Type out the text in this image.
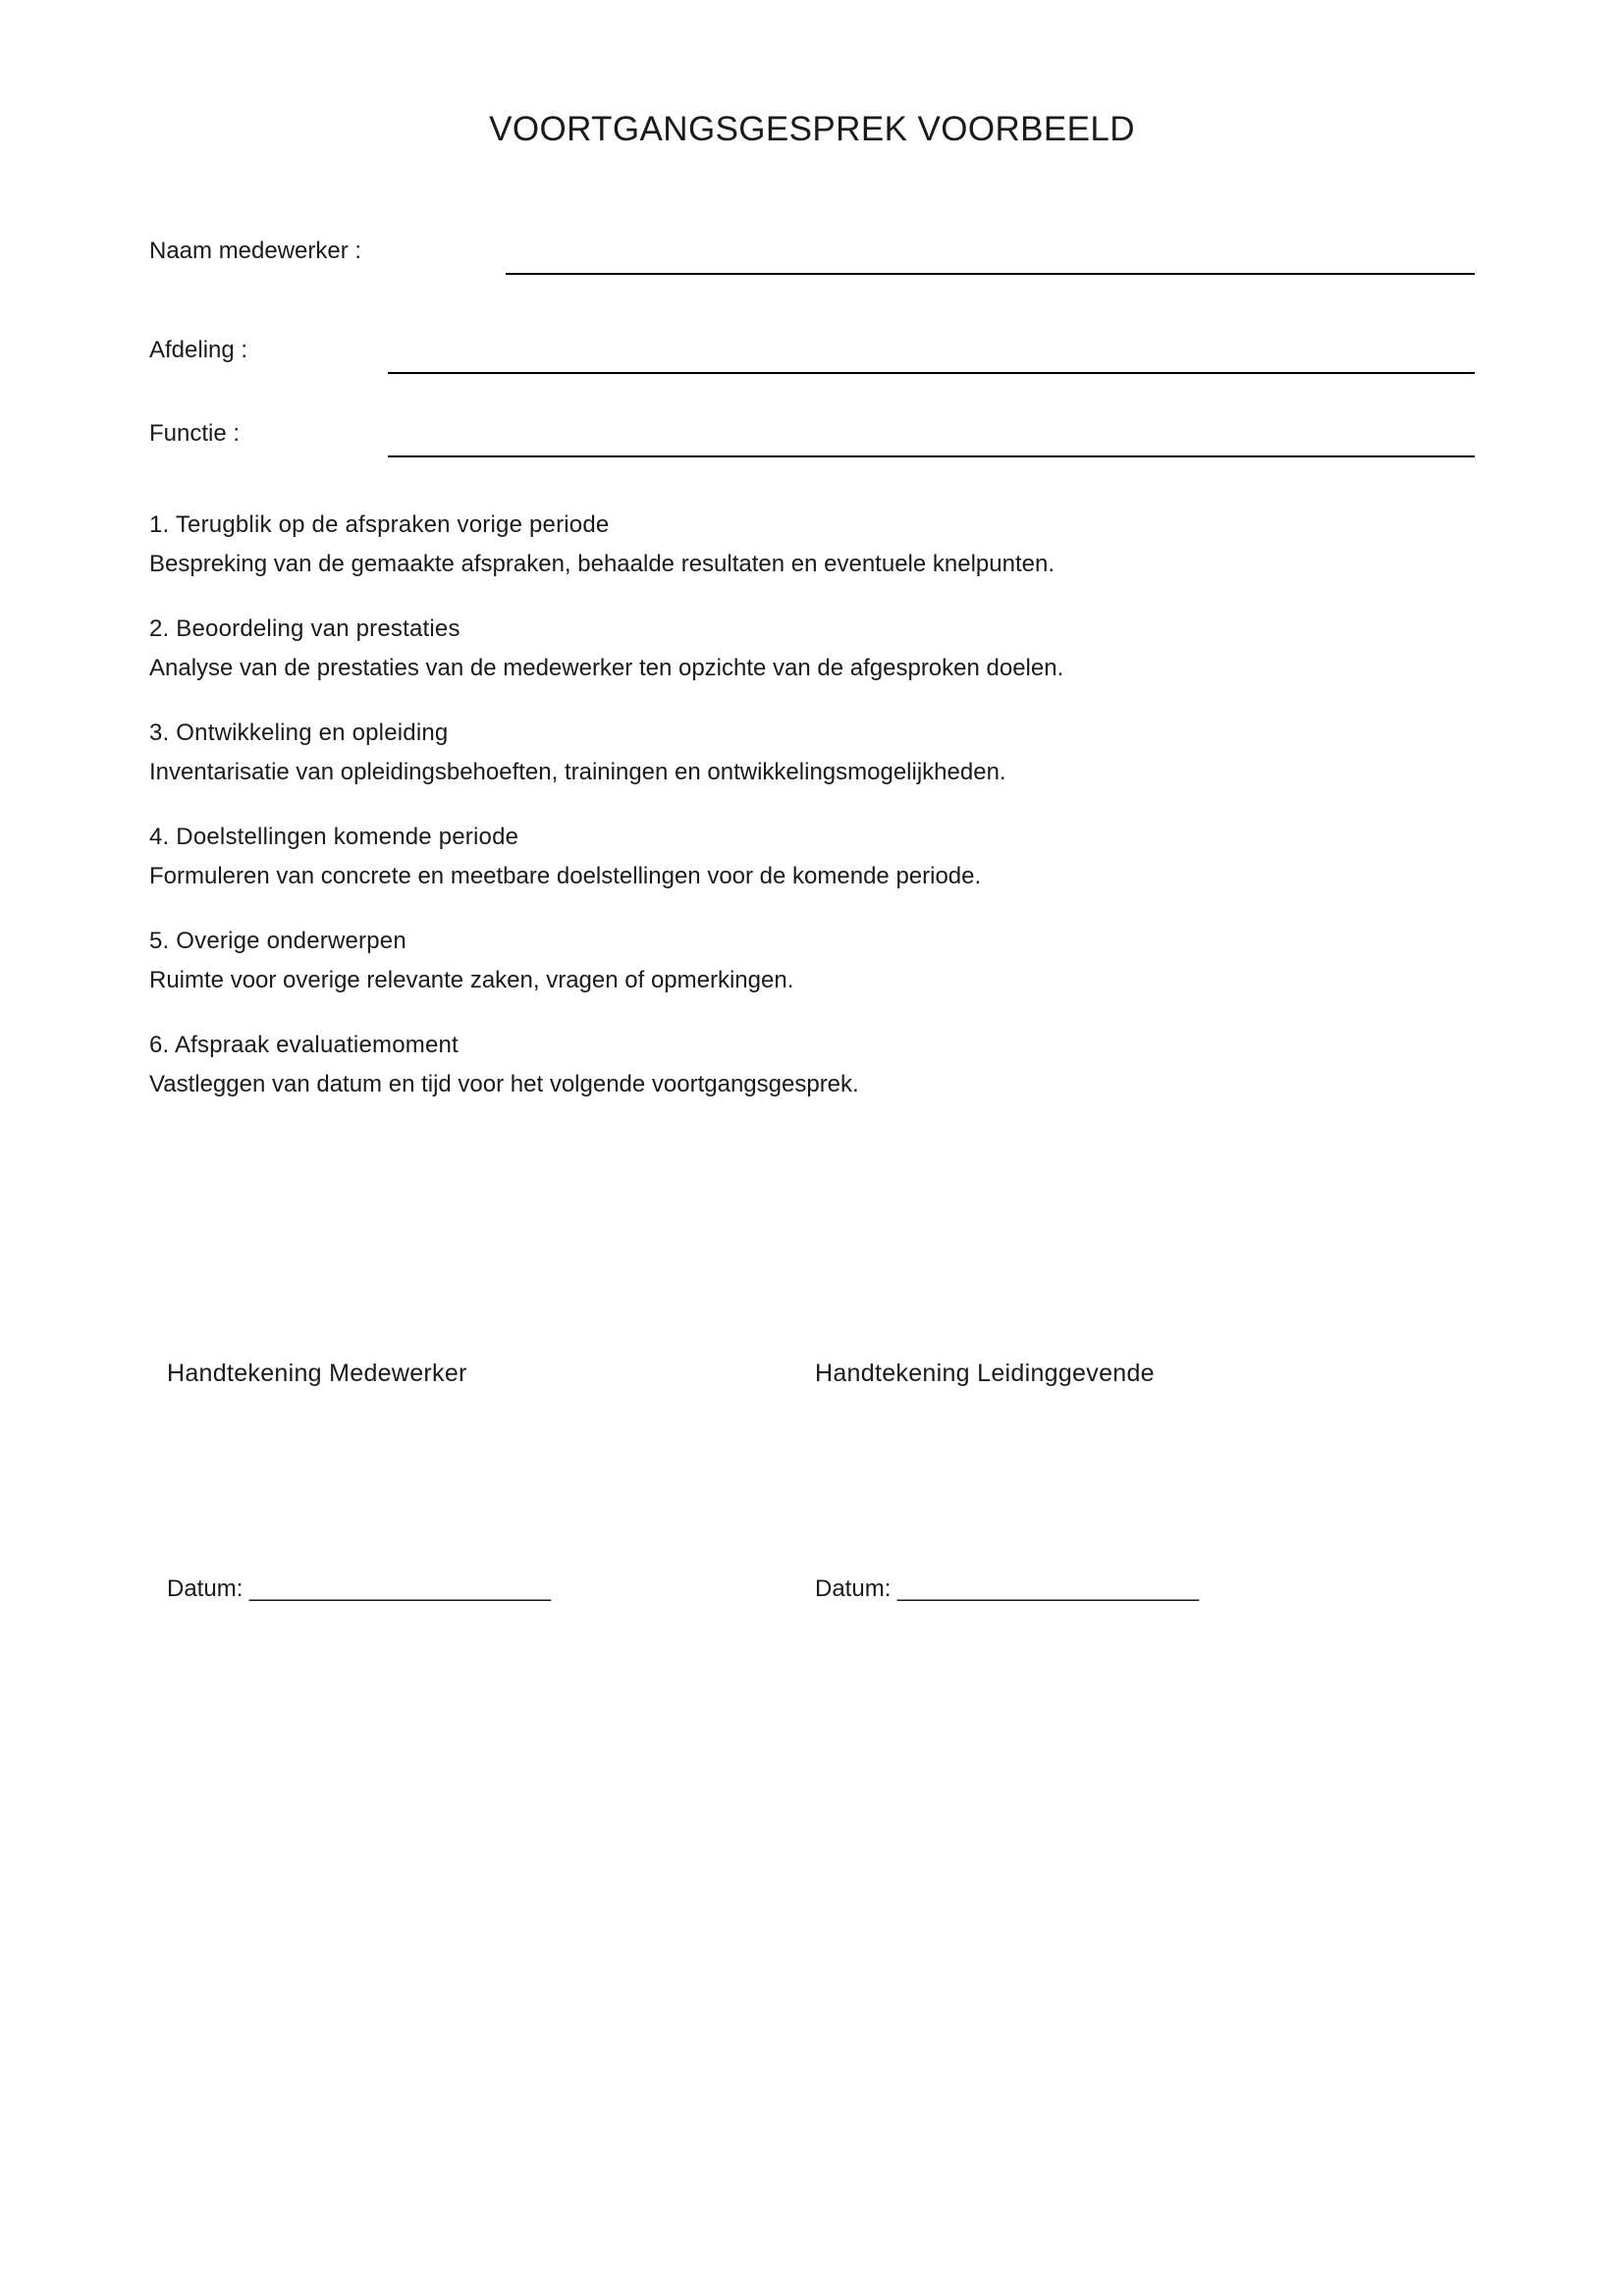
VOORTGANGSGESPREK VOORBEELD
Naam medewerker :
Afdeling :
Functie :
1. Terugblik op de afspraken vorige periode
Bespreking van de gemaakte afspraken, behaalde resultaten en eventuele knelpunten.
2. Beoordeling van prestaties
Analyse van de prestaties van de medewerker ten opzichte van de afgesproken doelen.
3. Ontwikkeling en opleiding
Inventarisatie van opleidingsbehoeften, trainingen en ontwikkelingsmogelijkheden.
4. Doelstellingen komende periode
Formuleren van concrete en meetbare doelstellingen voor de komende periode.
5. Overige onderwerpen
Ruimte voor overige relevante zaken, vragen of opmerkingen.
6. Afspraak evaluatiemoment
Vastleggen van datum en tijd voor het volgende voortgangsgesprek.
Handtekening Medewerker	Handtekening Leidinggevende
Datum: _______________________	Datum: _______________________
